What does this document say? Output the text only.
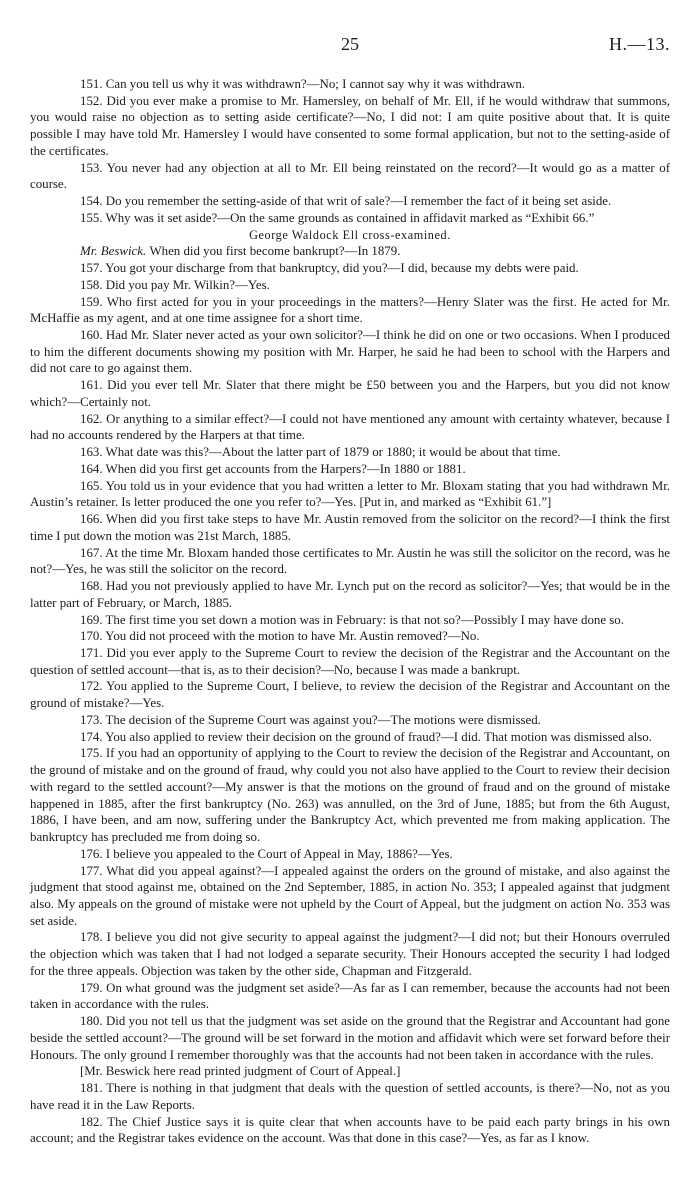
25	H.—13.

151. Can you tell us why it was withdrawn?—No; I cannot say why it was withdrawn.

152. Did you ever make a promise to Mr. Hamersley, on behalf of Mr. Ell, if he would withdraw that summons, you would raise no objection as to setting aside certificate?—No, I did not: I am quite positive about that. It is quite possible I may have told Mr. Hamersley I would have consented to some formal application, but not to the setting-aside of the certificates.

153. You never had any objection at all to Mr. Ell being reinstated on the record?—It would go as a matter of course.

154. Do you remember the setting-aside of that writ of sale?—I remember the fact of it being set aside.

155. Why was it set aside?—On the same grounds as contained in affidavit marked as “Exhibit 66.”

George Waldock Ell cross-examined.

Mr. Beswick. When did you first become bankrupt?—In 1879.

157. You got your discharge from that bankruptcy, did you?—I did, because my debts were paid.

158. Did you pay Mr. Wilkin?—Yes.

159. Who first acted for you in your proceedings in the matters?—Henry Slater was the first. He acted for Mr. McHaffie as my agent, and at one time assignee for a short time.

160. Had Mr. Slater never acted as your own solicitor?—I think he did on one or two occasions. When I produced to him the different documents showing my position with Mr. Harper, he said he had been to school with the Harpers and did not care to go against them.

161. Did you ever tell Mr. Slater that there might be £50 between you and the Harpers, but you did not know which?—Certainly not.

162. Or anything to a similar effect?—I could not have mentioned any amount with certainty whatever, because I had no accounts rendered by the Harpers at that time.

163. What date was this?—About the latter part of 1879 or 1880; it would be about that time.

164. When did you first get accounts from the Harpers?—In 1880 or 1881.

165. You told us in your evidence that you had written a letter to Mr. Bloxam stating that you had withdrawn Mr. Austin’s retainer. Is letter produced the one you refer to?—Yes. [Put in, and marked as “Exhibit 61.”]

166. When did you first take steps to have Mr. Austin removed from the solicitor on the record?—I think the first time I put down the motion was 21st March, 1885.

167. At the time Mr. Bloxam handed those certificates to Mr. Austin he was still the solicitor on the record, was he not?—Yes, he was still the solicitor on the record.

168. Had you not previously applied to have Mr. Lynch put on the record as solicitor?—Yes; that would be in the latter part of February, or March, 1885.

169. The first time you set down a motion was in February: is that not so?—Possibly I may have done so.

170. You did not proceed with the motion to have Mr. Austin removed?—No.

171. Did you ever apply to the Supreme Court to review the decision of the Registrar and the Accountant on the question of settled account—that is, as to their decision?—No, because I was made a bankrupt.

172. You applied to the Supreme Court, I believe, to review the decision of the Registrar and Accountant on the ground of mistake?—Yes.

173. The decision of the Supreme Court was against you?—The motions were dismissed.

174. You also applied to review their decision on the ground of fraud?—I did. That motion was dismissed also.

175. If you had an opportunity of applying to the Court to review the decision of the Registrar and Accountant, on the ground of mistake and on the ground of fraud, why could you not also have applied to the Court to review their decision with regard to the settled account?—My answer is that the motions on the ground of fraud and on the ground of mistake happened in 1885, after the first bankruptcy (No. 263) was annulled, on the 3rd of June, 1885; but from the 6th August, 1886, I have been, and am now, suffering under the Bankruptcy Act, which prevented me from making application. The bankruptcy has precluded me from doing so.

176. I believe you appealed to the Court of Appeal in May, 1886?—Yes.

177. What did you appeal against?—I appealed against the orders on the ground of mistake, and also against the judgment that stood against me, obtained on the 2nd September, 1885, in action No. 353; I appealed against that judgment also. My appeals on the ground of mistake were not upheld by the Court of Appeal, but the judgment on action No. 353 was set aside.

178. I believe you did not give security to appeal against the judgment?—I did not; but their Honours overruled the objection which was taken that I had not lodged a separate security. Their Honours accepted the security I had lodged for the three appeals. Objection was taken by the other side, Chapman and Fitzgerald.

179. On what ground was the judgment set aside?—As far as I can remember, because the accounts had not been taken in accordance with the rules.

180. Did you not tell us that the judgment was set aside on the ground that the Registrar and Accountant had gone beside the settled account?—The ground will be set forward in the motion and affidavit which were set forward before their Honours. The only ground I remember thoroughly was that the accounts had not been taken in accordance with the rules.

[Mr. Beswick here read printed judgment of Court of Appeal.]

181. There is nothing in that judgment that deals with the question of settled accounts, is there?—No, not as you have read it in the Law Reports.

182. The Chief Justice says it is quite clear that when accounts have to be paid each party brings in his own account; and the Registrar takes evidence on the account. Was that done in this case?—Yes, as far as I know.
